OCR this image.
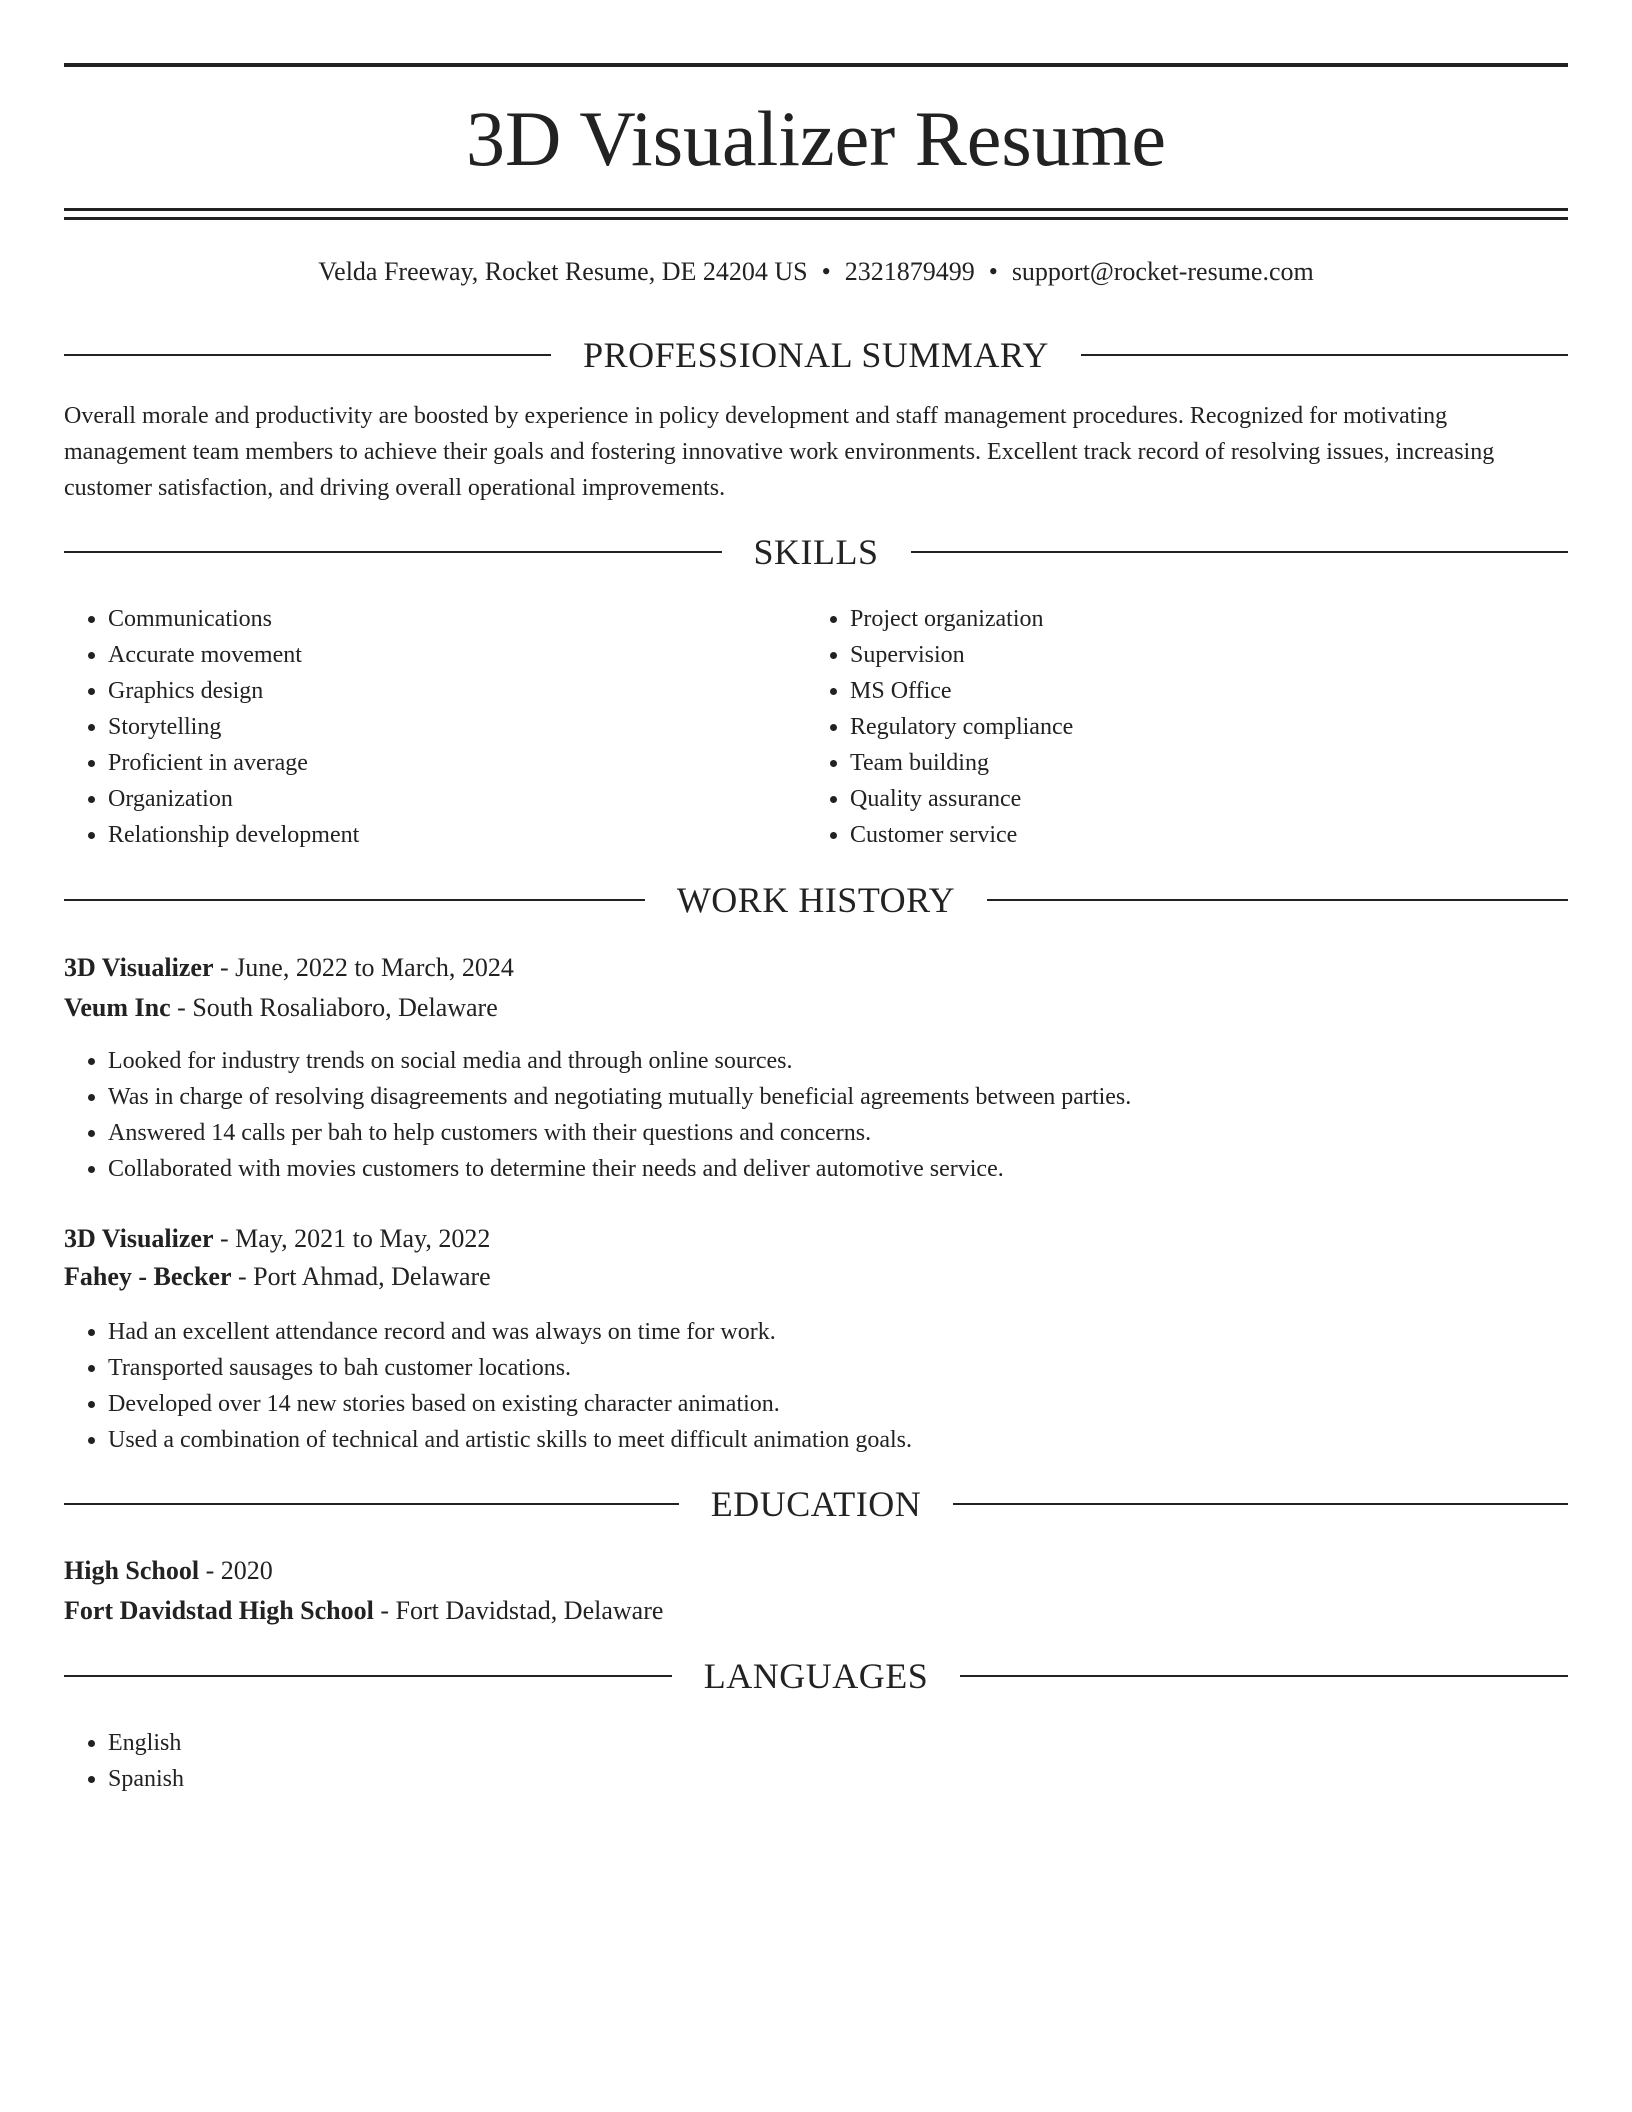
3D Visualizer Resume
Velda Freeway, Rocket Resume, DE 24204 US • 2321879499 • support@rocket-resume.com
PROFESSIONAL SUMMARY

Overall morale and productivity are boosted by experience in policy development and staff management procedures. Recognized for motivating management team members to achieve their goals and fostering innovative work environments. Excellent track record of resolving issues, increasing customer satisfaction, and driving overall operational improvements.

SKILLS
• Communications
• Accurate movement
• Graphics design
• Storytelling
• Proficient in average
• Organization
• Relationship development
• Project organization
• Supervision
• MS Office
• Regulatory compliance
• Team building
• Quality assurance
• Customer service
WORK HISTORY
3D Visualizer - June, 2022 to March, 2024
Veum Inc - South Rosaliaboro, Delaware
• Looked for industry trends on social media and through online sources.
• Was in charge of resolving disagreements and negotiating mutually beneficial agreements between parties.
• Answered 14 calls per bah to help customers with their questions and concerns.
• Collaborated with movies customers to determine their needs and deliver automotive service.
3D Visualizer - May, 2021 to May, 2022
Fahey - Becker - Port Ahmad, Delaware
• Had an excellent attendance record and was always on time for work.
• Transported sausages to bah customer locations.
• Developed over 14 new stories based on existing character animation.
• Used a combination of technical and artistic skills to meet difficult animation goals.
EDUCATION
High School - 2020
Fort Davidstad High School - Fort Davidstad, Delaware
LANGUAGES
• English
• Spanish
